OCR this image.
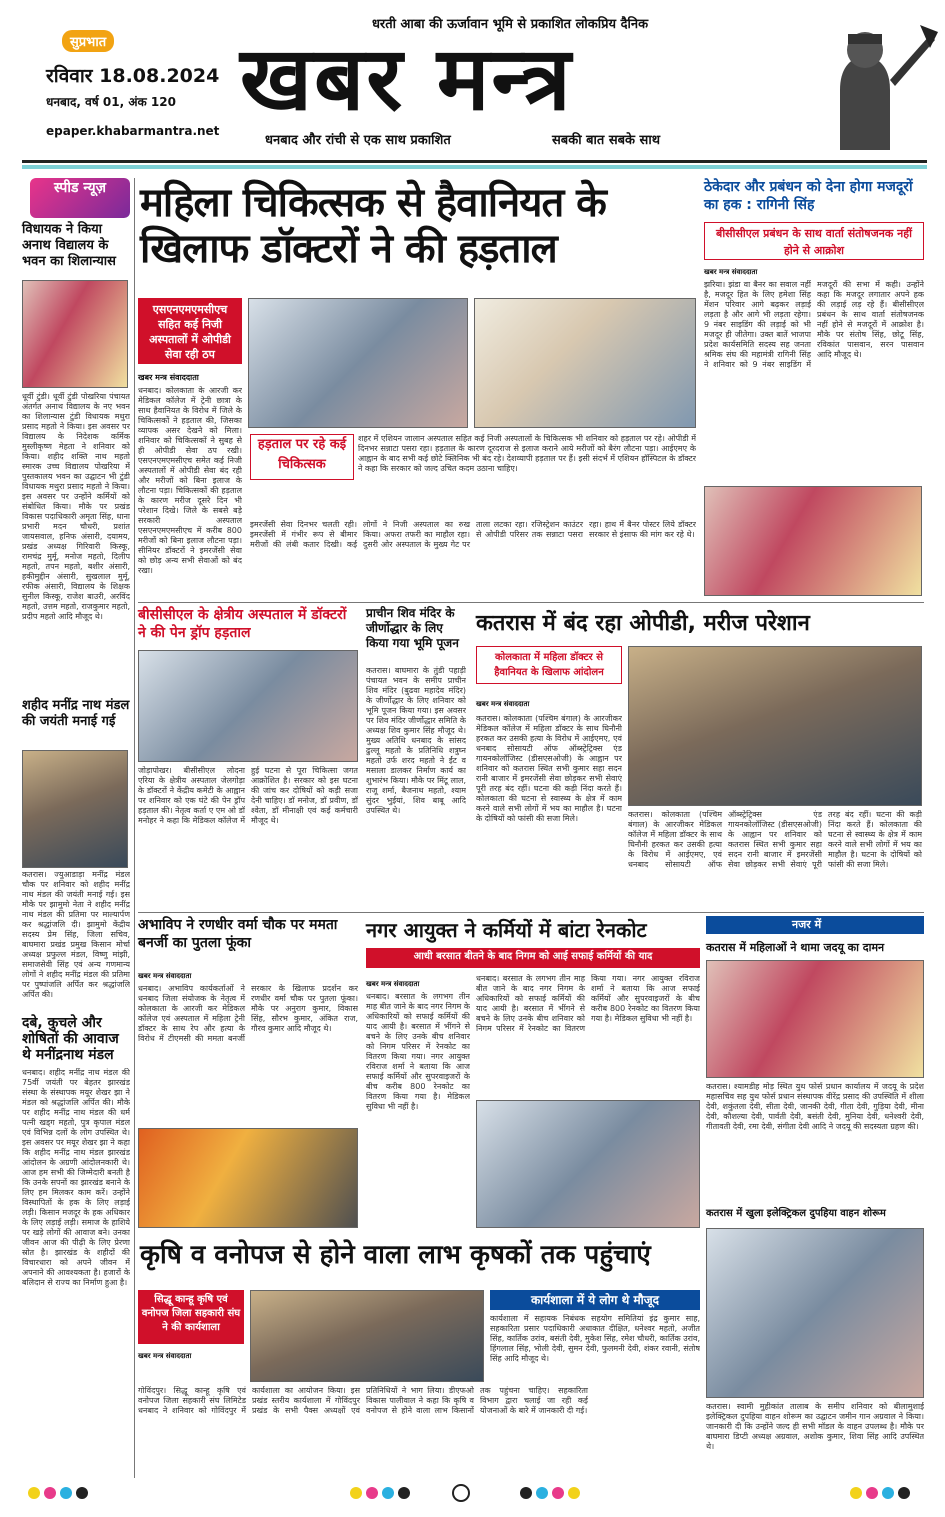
सुप्रभात
धरती आबा की ऊर्जावान भूमि से प्रकाशित लोकप्रिय दैनिक
रविवार 18.08.2024
धनबाद, वर्ष 01, अंक 120
epaper.khabarmantra.net
खबर मन्त्र
धनबाद और रांची से एक साथ प्रकाशित	सबकी बात सबके साथ
स्पीड न्यूज़
विधायक ने किया अनाथ विद्यालय के भवन का शिलान्यास
धूर्वी टुंडी। धूर्वी टुंडी पोखरिया पंचायत अंतर्गत अनाथ विद्यालय के नए भवन का शिलान्यास टुंडी विधायक मथुरा प्रसाद महतो ने किया। इस अवसर पर विद्यालय के निदेशक कर्मिक मुस्लीकृष्ण मेहता ने शनिवार को किया। शहीद शक्ति नाथ महतो स्मारक उच्च विद्यालय पोखरिया में पुस्तकालय भवन का उद्घाटन भी टुंडी विधायक मथुरा प्रसाद महतो ने किया। इस अवसर पर उन्होंने कर्मियों को संबोधित किया। मौके पर प्रखंड विकास पदाधिकारी अमृता सिंह, धाना प्रभारी मदन चौधरी, प्रशांत जायसवाल, हनिफ अंसारी, दयामय, प्रखंड अध्यक्ष गिरिवारी किस्कू, रामचंद्र मुर्मू, मनोज महतो, दिलीप महतो, तपन महतो, बशीर अंसारी, हकीमुद्दीन अंसारी, सुखलाल मुर्मू, रफीक अंसारी, विद्यालय के शिक्षक सुनील किस्कू, राजेश बाउरी, अरविंद महतो, उत्तम महतो, राजकुमार महतो, प्रदीप महतो आदि मौजूद थे।
शहीद मनींद्र नाथ मंडल की जयंती मनाई गई
कतरास। ज्युआडाड़ा मनींद्र मंडल चौक पर शनिवार को शहीद मनींद्र नाथ मंडल की जयंती मनाई गई। इस मौके पर झामुमो नेता ने शहीद मनींद्र नाथ मंडल की प्रतिमा पर माल्यार्पण कर श्रद्धांजलि दी। झामुमो केंद्रीय सदस्य प्रेम सिंह, जिला सचिव, बाघमारा प्रखंड प्रमुख किसान मोर्चा अध्यक्ष प्रफुल्ल मंडल, विष्णु मांझी, समाजसेवी सिंह एवं अन्य गणमान्य लोगों ने शहीद मनींद्र मंडल की प्रतिमा पर पुष्पांजलि अर्पित कर श्रद्धांजलि अर्पित की।
दबे, कुचले और शोषितों की आवाज थे मनींद्रनाथ मंडल
धनबाद। शहीद मनींद्र नाथ मंडल की 75वीं जयंती पर बेहतर झारखंड संस्था के संस्थापक मयूर शेखर झा ने मंडल को श्रद्धांजलि अर्पित की। मौके पर शहीद मनींद्र नाथ मंडल की धर्म पत्नी खड्ग महतो, पुत्र कृपाल मंडल एवं विभिन्न दलों के लोग उपस्थित थे। इस अवसर पर मयूर शेखर झा ने कहा कि शहीद मनींद्र नाथ मंडल झारखंड आंदोलन के अग्रणी आंदोलनकारी थे। आज हम सभी की जिम्मेदारी बनती है कि उनके सपनों का झारखंड बनाने के लिए हम मिलकर काम करें। उन्होंने विस्थापितों के हक के लिए लड़ाई लड़ी। किसान मजदूर के हक अधिकार के लिए लड़ाई लड़ी। समाज के हाशिये पर खड़े लोगों की आवाज बने। उनका जीवन आज की पीढ़ी के लिए प्रेरणा स्रोत है। झारखंड के शहीदों की विचारधारा को अपने जीवन में अपनाने की आवश्यकता है। हजारों के बलिदान से राज्य का निर्माण हुआ है।
महिला चिकित्सक से हैवानियत के खिलाफ डॉक्टरों ने की हड़ताल
एसएनएमएमसीएच सहित कई निजी अस्पतालों में ओपीडी सेवा रही ठप
खबर मन्त्र संवाददाता
धनबाद। कोलकाता के आरजी कर मेडिकल कॉलेज में ट्रेनी छात्रा के साथ हैवानियत के विरोध में जिले के चिकित्सकों ने हड़ताल की, जिसका व्यापक असर देखने को मिला। शनिवार को चिकित्सकों ने सुबह से ही ओपीडी सेवा ठप रखी। एसएनएमएमसीएच समेत कई निजी अस्पतालों में ओपीडी सेवा बंद रही और मरीजों को बिना इलाज के लौटना पड़ा। चिकित्सकों की हड़ताल के कारण मरीज दूसरे दिन भी परेशान दिखे। जिले के सबसे बड़े सरकारी अस्पताल एसएनएमएमसीएच में करीब 800 मरीजों को बिना इलाज लौटना पड़ा। सीनियर डॉक्टरों ने इमरजेंसी सेवा को छोड़ अन्य सभी सेवाओं को बंद रखा।
हड़ताल पर रहे कई चिकित्सक
शहर में एशियन जालान अस्पताल सहित कई निजी अस्पतालों के चिकित्सक भी शनिवार को हड़ताल पर रहे। ओपीडी में दिनभर सन्नाटा पसरा रहा। हड़ताल के कारण दूरदराज से इलाज कराने आये मरीजों को बैरंग लौटना पड़ा। आईएमए के आह्वान के बाद सभी कई छोटे क्लिनिक भी बंद रहे। देशव्यापी हड़ताल पर हैं। इसी संदर्भ में एशियन हॉस्पिटल के डॉक्टर ने कहा कि सरकार को जल्द उचित कदम उठाना चाहिए।
इमरजेंसी सेवा दिनभर चलती रही। इमरजेंसी में गंभीर रूप से बीमार मरीजों की लंबी कतार दिखी। कई लोगों ने निजी अस्पताल का रुख किया। अफरा तफरी का माहौल रहा। दुसरी ओर अस्पताल के मुख्य गेट पर ताला लटका रहा। रजिस्ट्रेशन काउंटर से ओपीडी परिसर तक सन्नाटा पसरा रहा। हाथ में बैनर पोस्टर लिये डॉक्टर सरकार से इंसाफ की मांग कर रहे थे।
ठेकेदार और प्रबंधन को देना होगा मजदूरों का हक : रागिनी सिंह
बीसीसीएल प्रबंधन के साथ वार्ता संतोषजनक नहीं होने से आक्रोश
खबर मन्त्र संवाददाता
झरिया। झंडा वा बैनर का सवाल नहीं है, मजदूर हित के लिए हमेशा सिंह मेंशन परिवार आगे बढ़कर लड़ाई लड़ता है और आगे भी लड़ता रहेगा। 9 नंबर साइडिंग की लड़ाई को भी मजदूर ही जीतेगा। उक्त बातें भाजपा प्रदेश कार्यसमिति सदस्य सह जनता श्रमिक संघ की महामंत्री रागिनी सिंह ने शनिवार को 9 नंबर साइडिंग में मजदूरों की सभा में कही। उन्होंने कहा कि मजदूर लगातार अपने हक की लड़ाई लड़ रहे हैं। बीसीसीएल प्रबंधन के साथ वार्ता संतोषजनक नहीं होने से मजदूरों में आक्रोश है। मौके पर संतोष सिंह, छोटू सिंह, रविकांत पासवान, सरन पासवान आदि मौजूद थे।
बीसीसीएल के क्षेत्रीय अस्पताल में डॉक्टरों ने की पेन ड्रॉप हड़ताल
जोड़ापोखर। बीसीसीएल लोदना एरिया के क्षेत्रीय अस्पताल जेलगोड़ा के डॉक्टरों ने केंद्रीय कमेटी के आह्वान पर शनिवार को एक घंटे की पेन ड्रॉप हड़ताल की। नेतृत्व कर्ता ए एम ओ डॉ मनोहर ने कहा कि मेडिकल कॉलेज में हुई घटना से पूरा चिकित्सा जगत आक्रोशित है। सरकार को इस घटना की जांच कर दोषियों को कड़ी सजा देनी चाहिए। डॉ मनोज, डॉ प्रवीण, डॉ श्वेता, डॉ मीनाक्षी एवं कई कर्मचारी मौजूद थे।
प्राचीन शिव मंदिर के जीर्णोद्धार के लिए किया गया भूमि पूजन
कतरास। बाघमारा के तुंडी पहाड़ी पंचायत भवन के समीप प्राचीन शिव मंदिर (बुढवा महादेव मंदिर) के जीर्णोद्धार के लिए शनिवार को भूमि पूजन किया गया। इस अवसर पर शिव मंदिर जीर्णोद्धार समिति के अध्यक्ष शिव कुमार सिंह मौजूद थे। मुख्य अतिथि धनबाद के सांसद ढुल्लू महतो के प्रतिनिधि शत्रुघ्न महतो उर्फ शरद महतो ने ईंट व मसाला डालकर निर्माण कार्य का शुभारंभ किया। मौके पर मिंटू लाल, राजू शर्मा, बैजनाथ महतो, श्याम सुंदर भुईयां, शिव बाबू आदि उपस्थित थे।
कतरास में बंद रहा ओपीडी, मरीज परेशान
कोलकाता में महिला डॉक्टर से हैवानियत के खिलाफ आंदोलन
खबर मन्त्र संवाददाता
कतरास। कोलकाता (पश्चिम बंगाल) के आरजीकर मेडिकल कॉलेज में महिला डॉक्टर के साथ घिनौनी हरकत कर उसकी हत्या के विरोध में आईएमए, एवं धनबाद सोसायटी ऑफ ऑब्स्ट्रेट्रिक्स एंड गायनकोलॉजिस्ट (डीसएसओजी) के आह्वान पर शनिवार को कतरास स्थित सभी कुमार सहा सदन रानी बाजार में इमरजेंसी सेवा छोड़कर सभी सेवाएं पूरी तरह बंद रहीं। घटना की कड़ी निंदा करते हैं। कोलकाता की घटना से स्वास्थ्य के क्षेत्र में काम करने वाले सभी लोगों में भय का माहौल है। घटना के दोषियों को फांसी की सजा मिले।	कतरास। कोलकाता (पश्चिम बंगाल) के आरजीकर मेडिकल कॉलेज में महिला डॉक्टर के साथ घिनौनी हरकत कर उसकी हत्या के विरोध में आईएमए, एवं धनबाद सोसायटी ऑफ ऑब्स्ट्रेट्रिक्स एंड गायनकोलॉजिस्ट (डीसएसओजी) के आह्वान पर शनिवार को कतरास स्थित सभी कुमार सहा सदन रानी बाजार में इमरजेंसी सेवा छोड़कर सभी सेवाएं पूरी तरह बंद रहीं। घटना की कड़ी निंदा करते हैं। कोलकाता की घटना से स्वास्थ्य के क्षेत्र में काम करने वाले सभी लोगों में भय का माहौल है। घटना के दोषियों को फांसी की सजा मिले।
अभाविप ने रणधीर वर्मा चौक पर ममता बनर्जी का पुतला फूंका
खबर मन्त्र संवाददाता
धनबाद। अभाविप कार्यकर्ताओं ने धनबाद जिला संयोजक के नेतृत्व में कोलकाता के आरजी कर मेडिकल कॉलेज एवं अस्पताल में महिला ट्रेनी डॉक्टर के साथ रेप और हत्या के विरोध में टीएमसी की ममता बनर्जी सरकार के खिलाफ प्रदर्शन कर रणधीर वर्मा चौक पर पुतला फूंका। मौके पर अनुराग कुमार, विकास सिंह, सौरभ कुमार, अंकित राज, गौरव कुमार आदि मौजूद थे।
नगर आयुक्त ने कर्मियों में बांटा रेनकोट
आधी बरसात बीतने के बाद निगम को आई सफाई कर्मियों की याद
खबर मन्त्र संवाददाता
धनबाद। बरसात के लगभग तीन माह बीत जाने के बाद नगर निगम के अधिकारियों को सफाई कर्मियों की याद आयी है। बरसात में भींगने से बचने के लिए उनके बीच शनिवार को निगम परिसर में रेनकोट का वितरण किया गया। नगर आयुक्त रविराज शर्मा ने बताया कि आज सफाई कर्मियों और सुपरवाइजरों के बीच करीब 800 रेनकोट का वितरण किया गया है। मेडिकल सुविधा भी नहीं है।
धनबाद। बरसात के लगभग तीन माह बीत जाने के बाद नगर निगम के अधिकारियों को सफाई कर्मियों की याद आयी है। बरसात में भींगने से बचने के लिए उनके बीच शनिवार को निगम परिसर में रेनकोट का वितरण किया गया। नगर आयुक्त रविराज शर्मा ने बताया कि आज सफाई कर्मियों और सुपरवाइजरों के बीच करीब 800 रेनकोट का वितरण किया गया है। मेडिकल सुविधा भी नहीं है।
नजर में
कतरास में महिलाओं ने थामा जदयू का दामन
कतरास। श्यामडीह मोड़ स्थित युथ फोर्स प्रधान कार्यालय में जदयू के प्रदेश महासचिव सह युथ फोर्स प्रधान संस्थापक वीरेंद्र प्रसाद की उपस्थिति में शीला देवी, शकुंतला देवी, सीता देवी, जानकी देवी, गीता देवी, गुड़िया देवी, मीना देवी, कौशल्या देवी, पार्वती देवी, बसंती देवी, मुनिया देवी, धनेश्वरी देवी, गीतावती देवी, रमा देवी, संगीता देवी आदि ने जदयू की सदस्यता ग्रहण की।
कतरास में खुला इलेक्ट्रिकल दुपहिया वाहन शोरूम
कतरास। स्वामी मुहीकांत तालाब के समीप शनिवार को बीलामुशाई इलेक्ट्रिकल दुपहिया वाहन शोरूम का उद्घाटन जमीन गान अग्रवाल ने किया। जानकारी दी कि उन्होंने जल्द ही सभी मॉडल के वाहन उपलब्ध है। मौके पर बाघमारा डिप्टी अध्यक्ष अग्रवाल, अशोक कुमार, शिवा सिंह आदि उपस्थित थे।
कृषि व वनोपज से होने वाला लाभ कृषकों तक पहुंचाएं
सिद्धू कान्हू कृषि एवं वनोपज जिला सहकारी संघ ने की कार्यशाला
खबर मन्त्र संवाददाता
कार्यशाला में ये लोग थे मौजूद
कार्यशाला में सहायक निबंधक सहयोग समितियां इंद्र कुमार साह, सहकारिता प्रसार पदाधिकारी अधाकात दीक्षित, धनेश्वर महतो, अजीत सिंह, कार्तिक उरांव, बसंती देवी, मुकेश सिंह, रमेश चौधरी, कार्तिक उरांव, हिंगलाल सिंह, भोली देवी, सुमन देवी, फुलमनी देवी, शंकर रवानी, संतोष सिंह आदि मौजूद थे।
गोविंदपुर। सिद्धू कान्हू कृषि एवं वनोपज जिला सहकारी संघ लिमिटेड धनबाद ने शनिवार को गोविंदपुर में कार्यशाला का आयोजन किया। इस प्रखंड स्तरीय कार्यशाला में गोविंदपुर प्रखंड के सभी पैक्स अध्यक्षों एवं प्रतिनिधियों ने भाग लिया। डीएफओ विकास पालीवाल ने कहा कि कृषि व वनोपज से होने वाला लाभ किसानों तक पहुंचना चाहिए। सहकारिता विभाग द्वारा चलाई जा रही कई योजनाओं के बारे में जानकारी दी गई।
